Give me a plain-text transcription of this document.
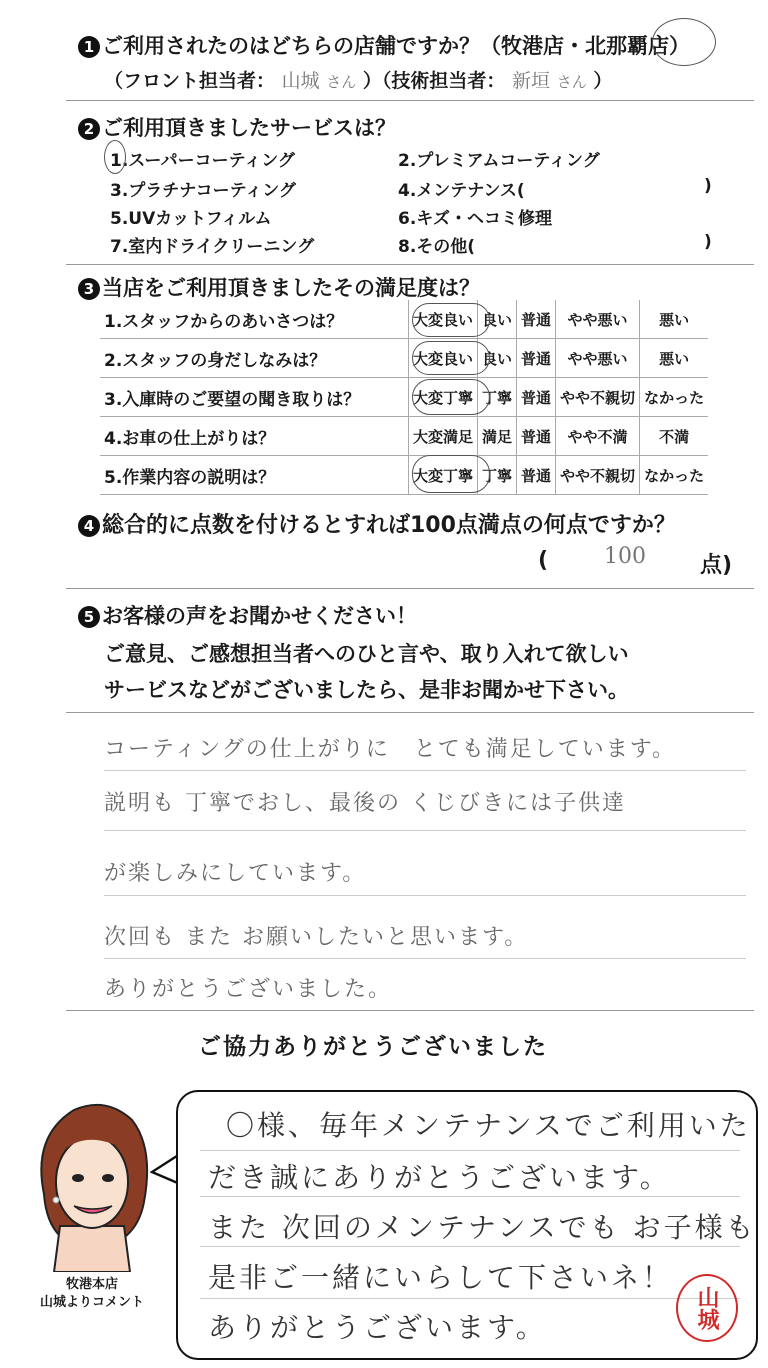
1 ご利用されたのはどちらの店舗ですか？（牧港店・北那覇店）
（フロント担当者： 山城 さん ）（技術担当者： 新垣 さん ）
2 ご利用頂きましたサービスは？
1.スーパーコーティング	2.プレミアムコーティング
3.プラチナコーティング	4.メンテナンス(	)
5.UVカットフィルム	6.キズ・ヘコミ修理
7.室内ドライクリーニング	8.その他(	)
3 当店をご利用頂きましたその満足度は？
1.スタッフからのあいさつは？	大変良い	良い	普通	やや悪い	悪い
2.スタッフの身だしなみは？	大変良い	良い	普通	やや悪い	悪い
3.入庫時のご要望の聞き取りは？	大変丁寧	丁寧	普通	やや不親切	なかった
4.お車の仕上がりは？	大変満足	満足	普通	やや不満	不満
5.作業内容の説明は？	大変丁寧	丁寧	普通	やや不親切	なかった
4 総合的に点数を付けるとすれば100点満点の何点ですか？
(	100 点)
5 お客様の声をお聞かせください！
ご意見、ご感想担当者へのひと言や、取り入れて欲しい
サービスなどがございましたら、是非お聞かせ下さい。
コーティングの仕上がりに　とても満足しています。
説明も 丁寧でおし、最後の くじびきには子供達
が楽しみにしています。
次回も また お願いしたいと思います。
ありがとうございました。
ご協力ありがとうございました
牧港本店
山城よりコメント
〇様、毎年メンテナンスでご利用いた
だき誠にありがとうございます。
また 次回のメンテナンスでも お子様も
是非ご一緒にいらして下さいネ！
ありがとうございます。	山城
